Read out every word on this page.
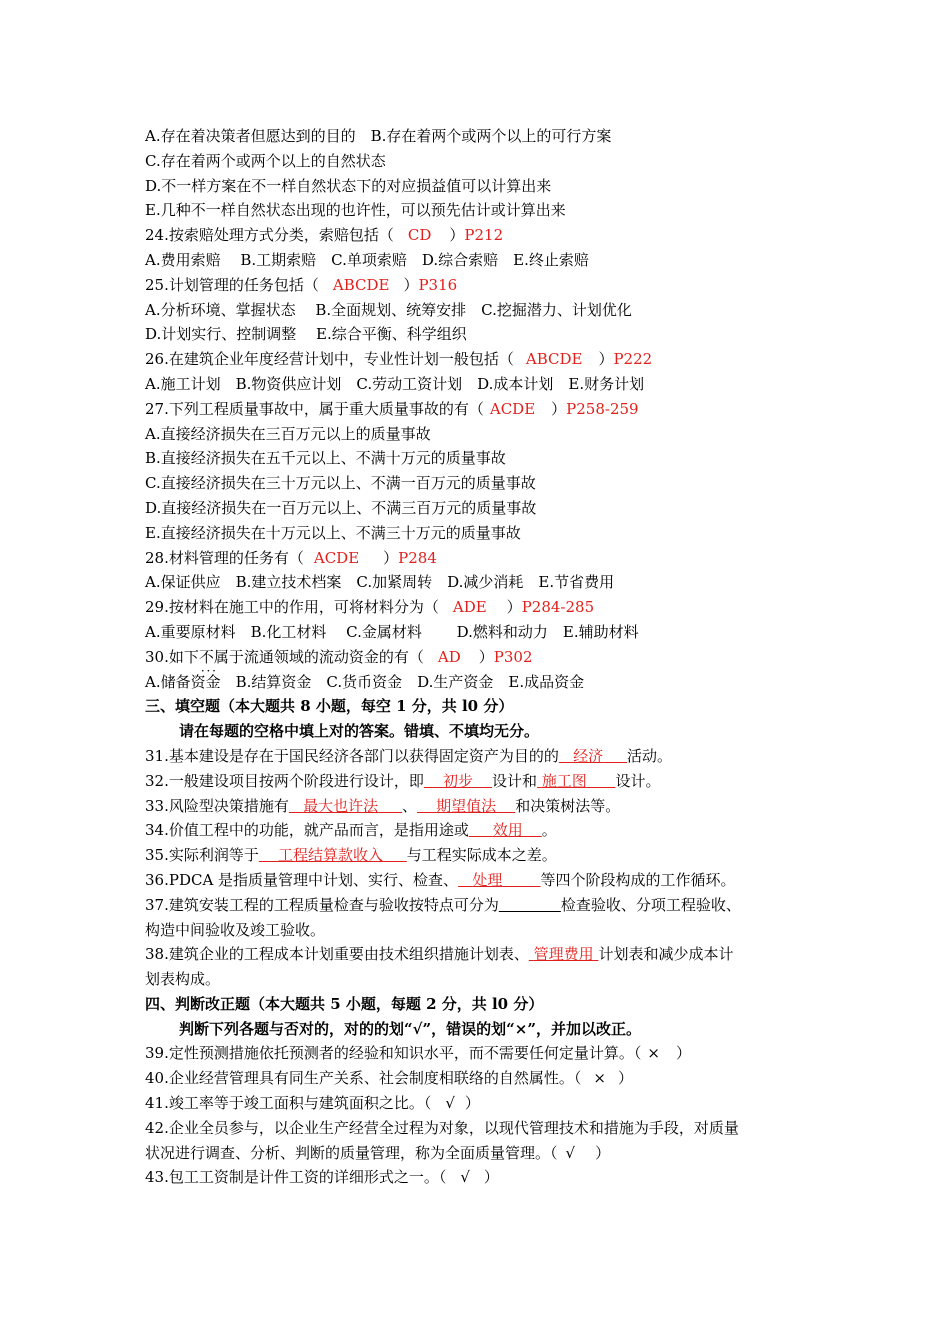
A.存在着决策者但愿达到的目的　B.存在着两个或两个以上的可行方案
C.存在着两个或两个以上的自然状态
D.不一样方案在不一样自然状态下的对应损益值可以计算出来
E.几种不一样自然状态出现的也许性，可以预先估计或计算出来
24.按索赔处理方式分类，索赔包括（ CD ）P212
A.费用索赔　 B.工期索赔　C.单项索赔　D.综合索赔　E.终止索赔
25.计划管理的任务包括（ ABCDE ）P316
A.分析环境、掌握状态　 B.全面规划、统筹安排　C.挖掘潜力、计划优化
D.计划实行、控制调整　 E.综合平衡、科学组织
26.在建筑企业年度经营计划中，专业性计划一般包括（ ABCDE ）P222
A.施工计划　B.物资供应计划　C.劳动工资计划　D.成本计划　E.财务计划
27.下列工程质量事故中，属于重大质量事故的有（ ACDE ）P258-259
A.直接经济损失在三百万元以上的质量事故
B.直接经济损失在五千元以上、不满十万元的质量事故
C.直接经济损失在三十万元以上、不满一百万元的质量事故
D.直接经济损失在一百万元以上、不满三百万元的质量事故
E.直接经济损失在十万元以上、不满三十万元的质量事故
28.材料管理的任务有（ ACDE ）P284
A.保证供应　B.建立技术档案　C.加紧周转　D.减少消耗　E.节省费用
29.按材料在施工中的作用，可将材料分为（ ADE ）P284-285
A.重要原材料　B.化工材料　 C.金属材料　　 D.燃料和动力　E.辅助材料
30.如下不属于 · · ·流通领域的流动资金的有（ AD ）P302
A.储备资金　B.结算资金　C.货币资金　D.生产资金　E.成品资金
三、填空题（本大题共 8 小题，每空 1 分，共 l0 分）
请在每题的空格中填上对的答案。错填、不填均无分。
31.基本建设是存在于国民经济各部门以获得固定资产为目的的 经济 活动。
32.一般建设项目按两个阶段进行设计，即 初步 设计和 施工图 设计。
33.风险型决策措施有 最大也许法 、 期望值法 和决策树法等。
34.价值工程中的功能，就产品而言，是指用途或 效用 。
35.实际利润等于 工程结算款收入 与工程实际成本之差。
36.PDCA 是指质量管理中计划、实行、检查、 处理	等四个阶段构成的工作循环。
37.建筑安装工程的工程质量检查与验收按特点可分为	检查验收、分项工程验收、
构造中间验收及竣工验收。
38.建筑企业的工程成本计划重要由技术组织措施计划表、 管理费用 计划表和减少成本计
划表构成。
四、判断改正题（本大题共 5 小题，每题 2 分，共 l0 分）
判断下列各题与否对的，对的的划“√”，错误的划“×”，并加以改正。
39.定性预测措施依托预测者的经验和知识水平，而不需要任何定量计算。（ × ）
40.企业经营管理具有同生产关系、社会制度相联络的自然属性。（ × ）
41.竣工率等于竣工面积与建筑面积之比。（ √ ）
42.企业全员参与，以企业生产经营全过程为对象，以现代管理技术和措施为手段，对质量
状况进行调查、分析、判断的质量管理，称为全面质量管理。（ √ ）
43.包工工资制是计件工资的详细形式之一。（ √ ）
